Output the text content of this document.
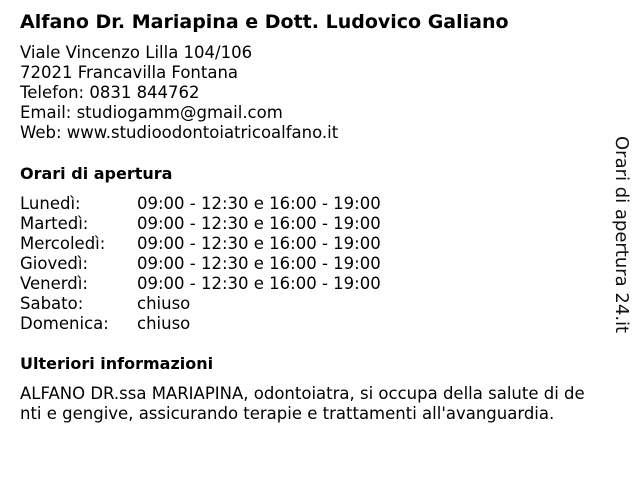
Alfano Dr. Mariapina e Dott. Ludovico Galiano
Viale Vincenzo Lilla 104/106
72021 Francavilla Fontana
Telefon: 0831 844762
Email: studiogamm@gmail.com
Web: www.studioodontoiatricoalfano.it
Orari di apertura
Lunedì:	09:00 - 12:30 e 16:00 - 19:00
Martedì:	09:00 - 12:30 e 16:00 - 19:00
Mercoledì:	09:00 - 12:30 e 16:00 - 19:00
Giovedì:	09:00 - 12:30 e 16:00 - 19:00
Venerdì:	09:00 - 12:30 e 16:00 - 19:00
Sabato:	chiuso
Domenica:	chiuso
Ulteriori informazioni
ALFANO DR.ssa MARIAPINA, odontoiatra, si occupa della salute di de
nti e gengive, assicurando terapie e trattamenti all'avanguardia.
Orari di apertura 24.it
